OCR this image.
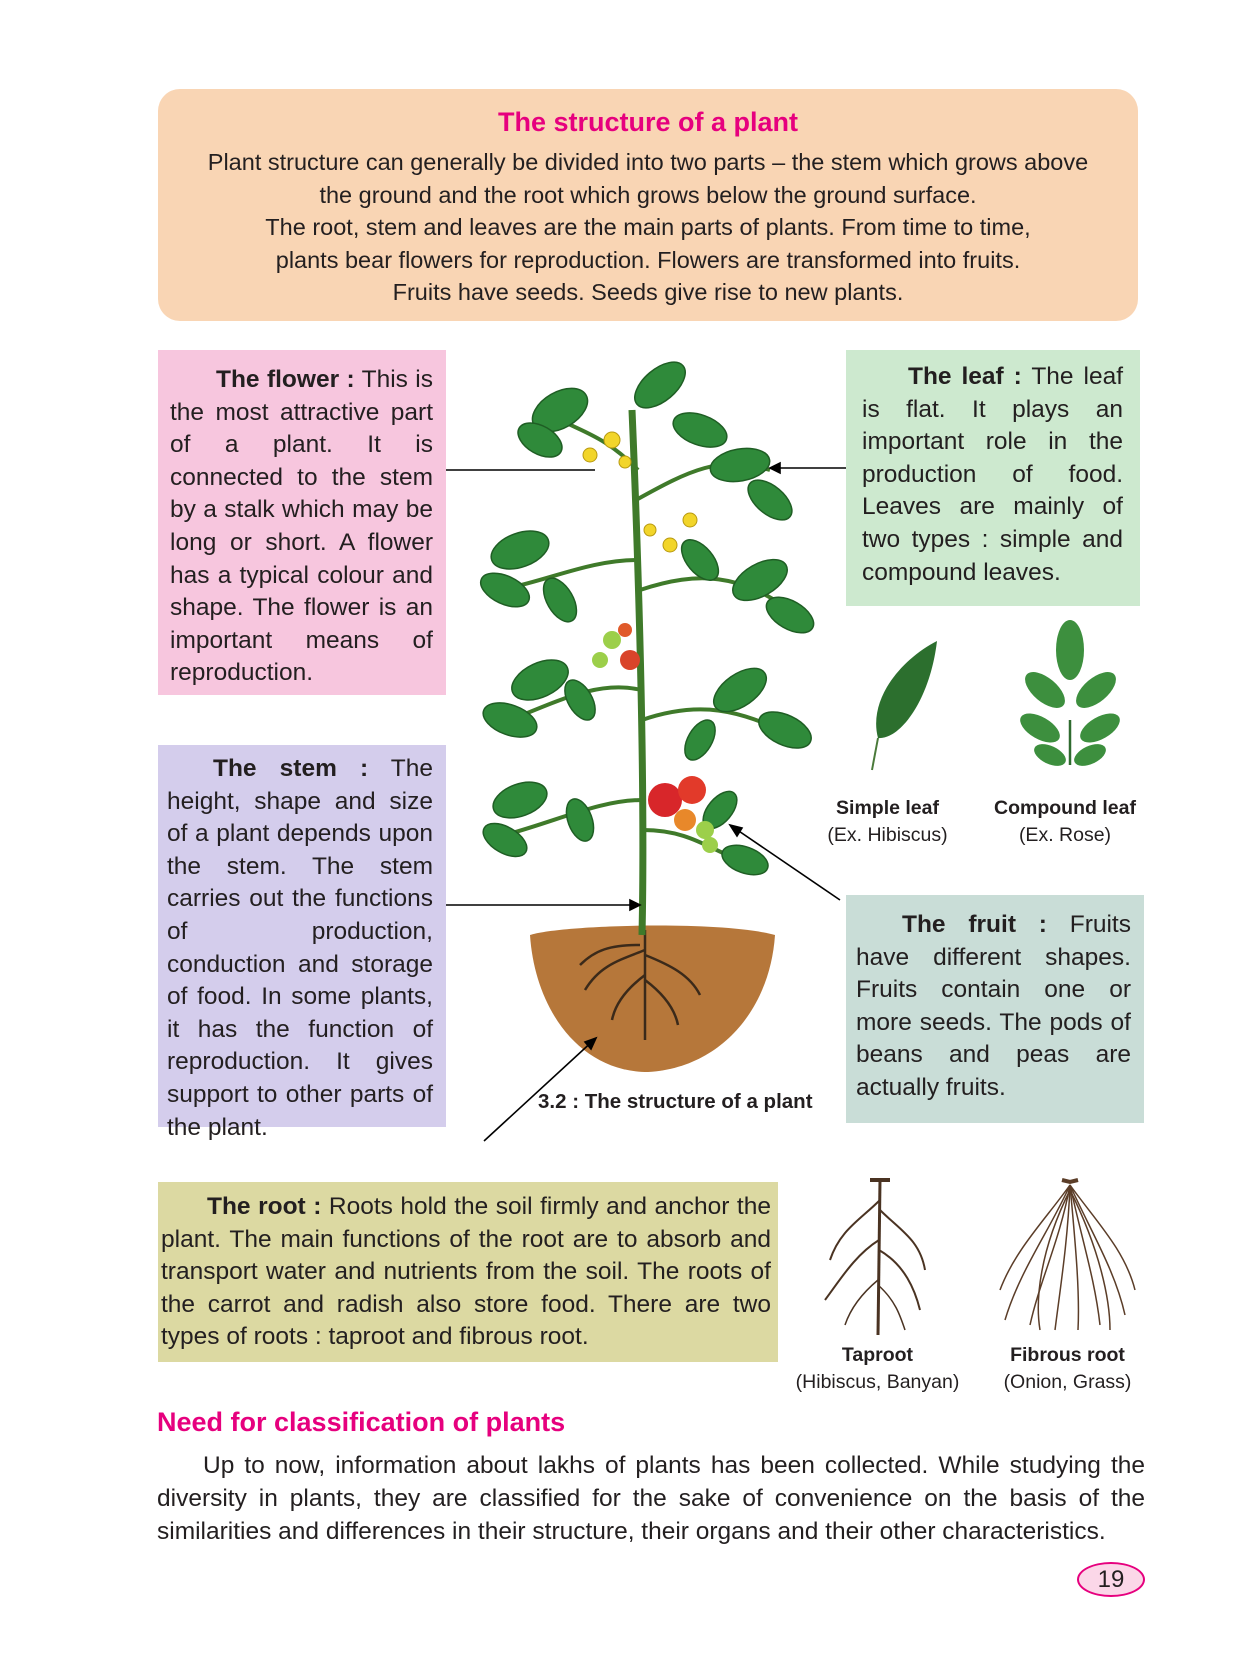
The structure of a plant
Plant structure can generally be divided into two parts – the stem which grows above
the ground and the root which grows below the ground surface.
The root, stem and leaves are the main parts of plants. From time to time,
plants bear flowers for reproduction. Flowers are transformed into fruits.
Fruits have seeds. Seeds give rise to new plants.
The flower : This is the most attractive part of a plant. It is connected to the stem by a stalk which may be long or short. A flower has a typical colour and shape. The flower is an important means of reproduction.
The stem : The height, shape and size of a plant depends upon the stem. The stem carries out the functions of production, conduction and storage of food. In some plants, it has the function of reproduction. It gives support to other parts of the plant.
The leaf : The leaf is flat. It plays an important role in the production of food. Leaves are mainly of two types : simple and compound leaves.
The fruit : Fruits have different shapes. Fruits contain one or more seeds. The pods of beans and peas are actually fruits.
The root : Roots hold the soil firmly and anchor the plant. The main functions of the root are to absorb and transport water and nutrients from the soil. The roots of the carrot and radish also store food. There are two types of roots : taproot and fibrous root.
Simple leaf
(Ex. Hibiscus)
Compound leaf
(Ex. Rose)
3.2 : The structure of a plant
Taproot
(Hibiscus, Banyan)
Fibrous root
(Onion, Grass)
Need for classification of plants
Up to now, information about lakhs of plants has been collected. While studying the diversity in plants, they are classified for the sake of convenience on the basis of the similarities and differences in their structure, their organs and their other characteristics.
19
